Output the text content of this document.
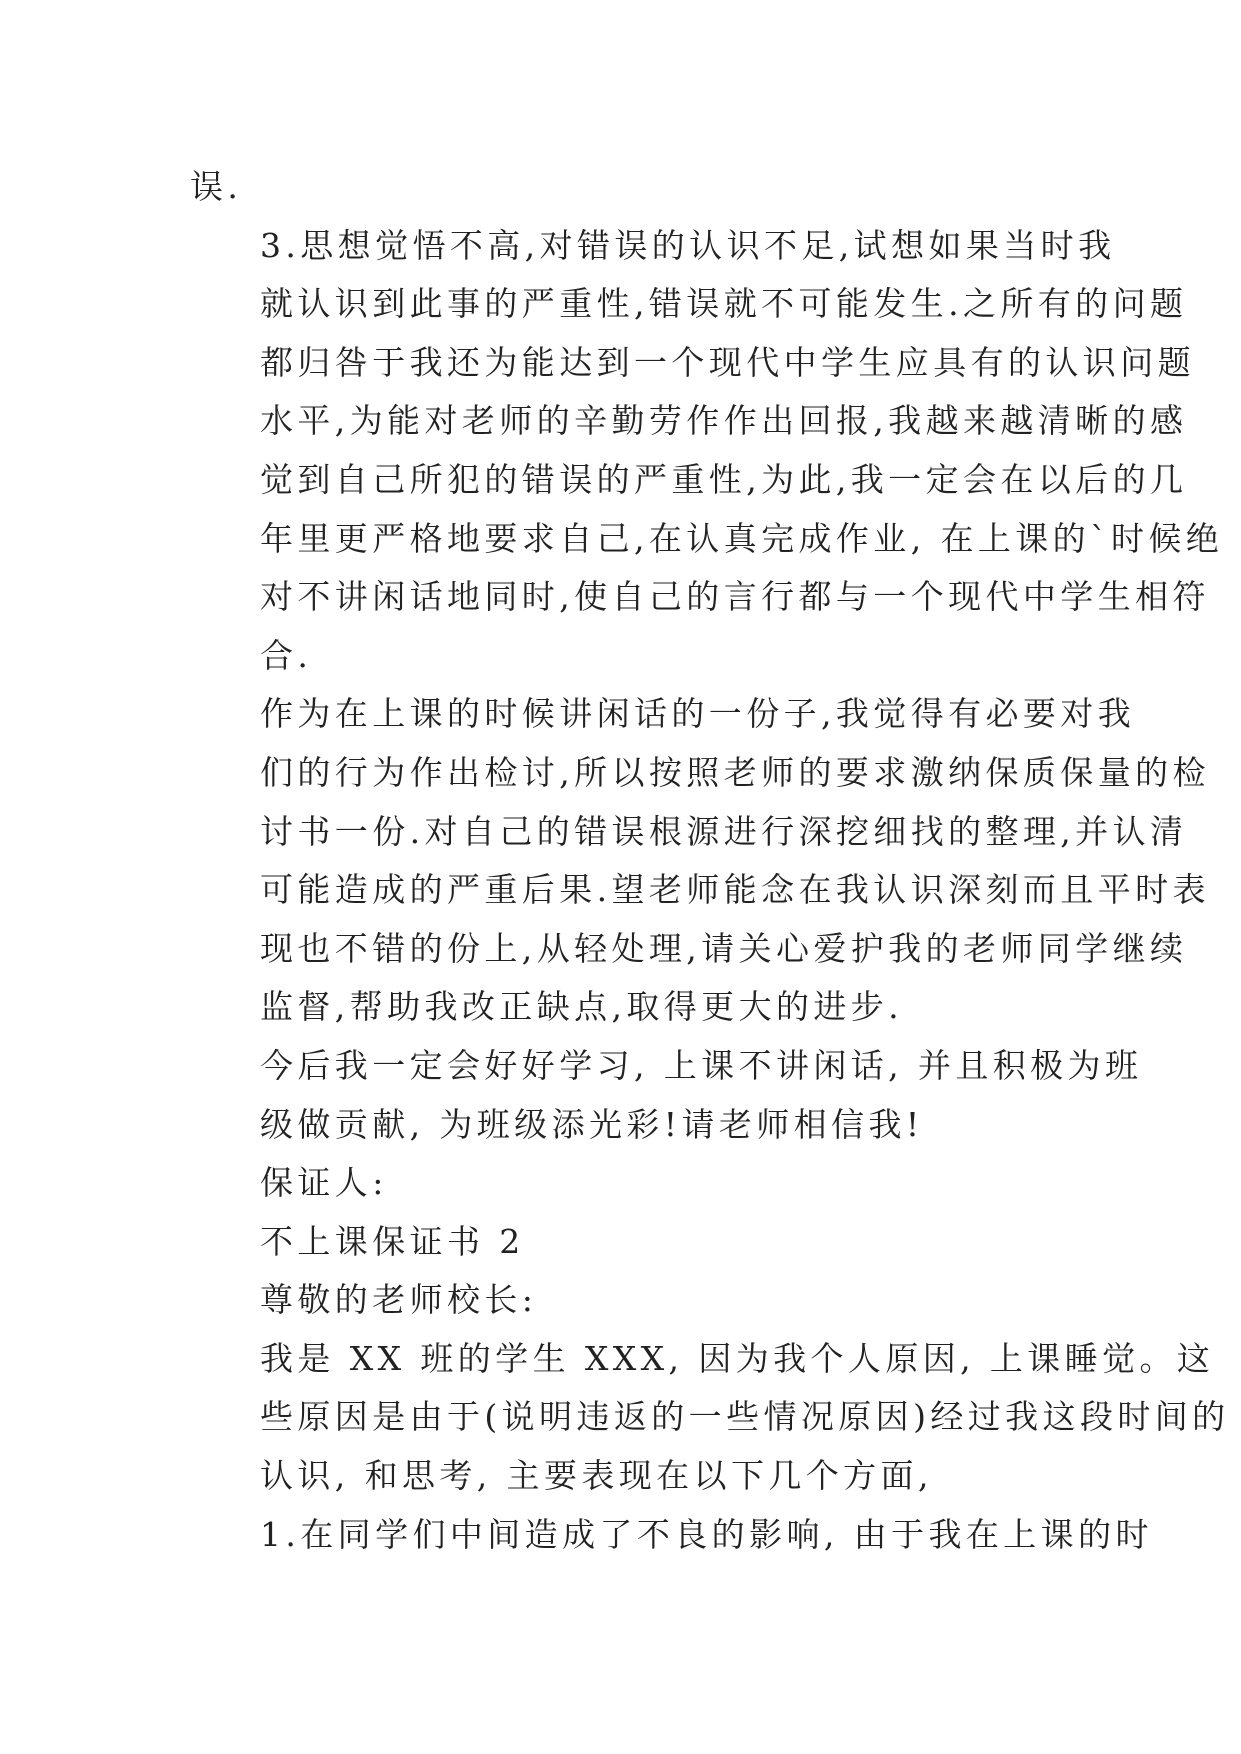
误.

3.思想觉悟不高,对错误的认识不足,试想如果当时我
就认识到此事的严重性,错误就不可能发生.之所有的问题
都归咎于我还为能达到一个现代中学生应具有的认识问题
水平,为能对老师的辛勤劳作作出回报,我越来越清晰的感
觉到自己所犯的错误的严重性,为此,我一定会在以后的几
年里更严格地要求自己,在认真完成作业, 在上课的`时候绝
对不讲闲话地同时,使自己的言行都与一个现代中学生相符
合.

作为在上课的时候讲闲话的一份子,我觉得有必要对我
们的行为作出检讨,所以按照老师的要求激纳保质保量的检
讨书一份.对自己的错误根源进行深挖细找的整理,并认清
可能造成的严重后果.望老师能念在我认识深刻而且平时表
现也不错的份上,从轻处理,请关心爱护我的老师同学继续
监督,帮助我改正缺点,取得更大的进步.

今后我一定会好好学习, 上课不讲闲话, 并且积极为班
级做贡献, 为班级添光彩!请老师相信我!

保证人:

不上课保证书 2

尊敬的老师校长:

我是 XX 班的学生 XXX, 因为我个人原因, 上课睡觉。这
些原因是由于(说明违返的一些情况原因)经过我这段时间的
认识, 和思考, 主要表现在以下几个方面,

1.在同学们中间造成了不良的影响, 由于我在上课的时
